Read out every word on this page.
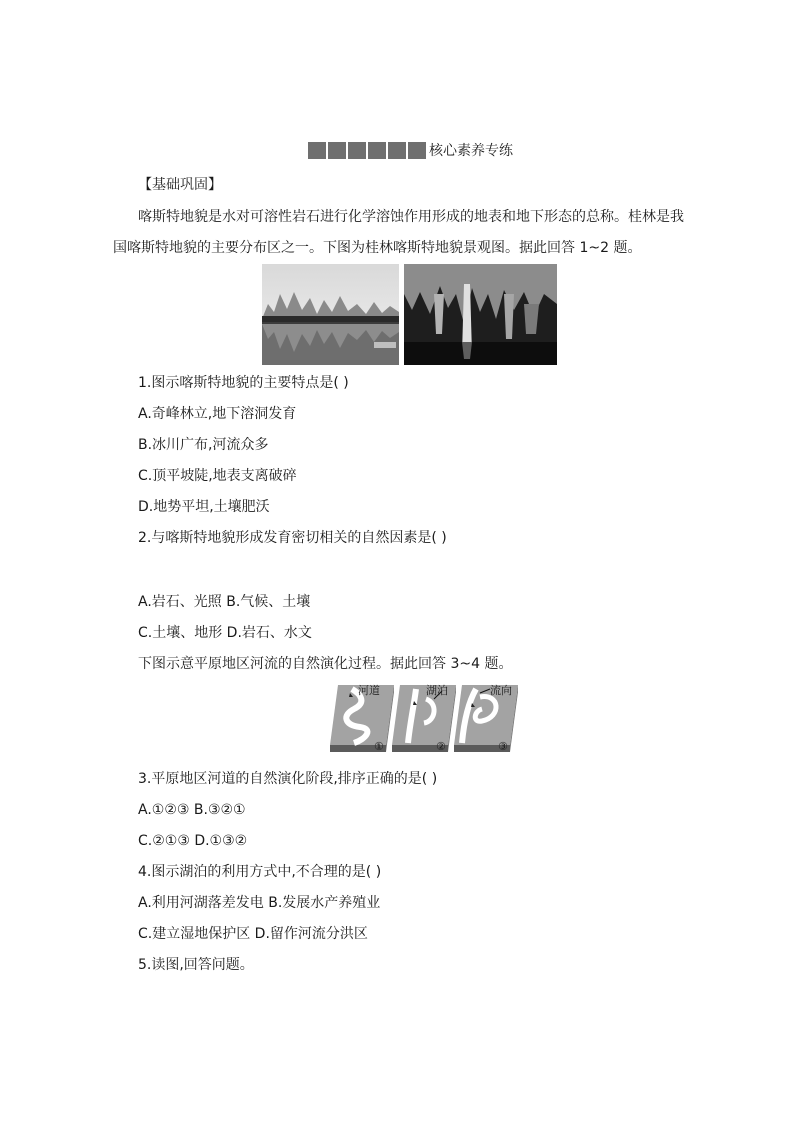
核心素养专练
【基础巩固】
喀斯特地貌是水对可溶性岩石进行化学溶蚀作用形成的地表和地下形态的总称。桂林是我
国喀斯特地貌的主要分布区之一。下图为桂林喀斯特地貌景观图。据此回答 1~2 题。
1.图示喀斯特地貌的主要特点是( )
A.奇峰林立,地下溶洞发育
B.冰川广布,河流众多
C.顶平坡陡,地表支离破碎
D.地势平坦,土壤肥沃
2.与喀斯特地貌形成发育密切相关的自然因素是( )
A.岩石、光照 B.气候、土壤
C.土壤、地形 D.岩石、水文
下图示意平原地区河流的自然演化过程。据此回答 3~4 题。
河道	湖泊	流向
①	②	③
3.平原地区河道的自然演化阶段,排序正确的是( )
A.①②③ B.③②①
C.②①③ D.①③②
4.图示湖泊的利用方式中,不合理的是( )
A.利用河湖落差发电 B.发展水产养殖业
C.建立湿地保护区 D.留作河流分洪区
5.读图,回答问题。
